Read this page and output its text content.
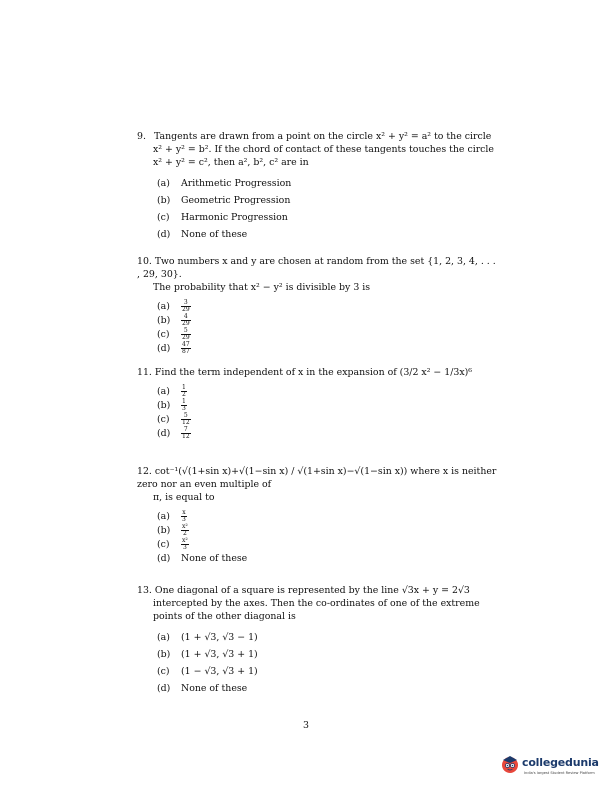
9. Tangents are drawn from a point on the circle x² + y² = a² to the circle
x² + y² = b². If the chord of contact of these tangents touches the circle
x² + y² = c², then a², b², c² are in
(a) Arithmetic Progression
(b) Geometric Progression
(c) Harmonic Progression
(d) None of these
10. Two numbers x and y are chosen at random from the set {1, 2, 3, 4, . . . , 29, 30}.
The probability that x² − y² is divisible by 3 is
$(a) \frac{3}{29}$
$(b) \frac{4}{29}$
$(c) \frac{5}{29}$
$(d) \frac{47}{87}$
11. Find the term independent of x in the expansion of (3/2 x² − 1/3x)⁶
$(a) \frac{1}{2}$
$(b) \frac{1}{3}$
$(c) \frac{5}{12}$
$(d) \frac{7}{12}$
12. cot⁻¹(√(1+sin x)+√(1−sin x) / √(1+sin x)−√(1−sin x)) where x is neither zero nor an even multiple of
π, is equal to
$(a) \frac{x}{3}$
$(b) \frac{\text{x²}}{2}$
$(c) \frac{\text{x²}}{3}$
(d) None of these
13. One diagonal of a square is represented by the line √3x + y = 2√3
intercepted by the axes. Then the co-ordinates of one of the extreme
points of the other diagonal is
(a) (1 + √3, √3 − 1)
(b) (1 + √3, √3 + 1)
(c) (1 − √3, √3 + 1)
(d) None of these
3
collegedunia
India's largest Student Review Platform
